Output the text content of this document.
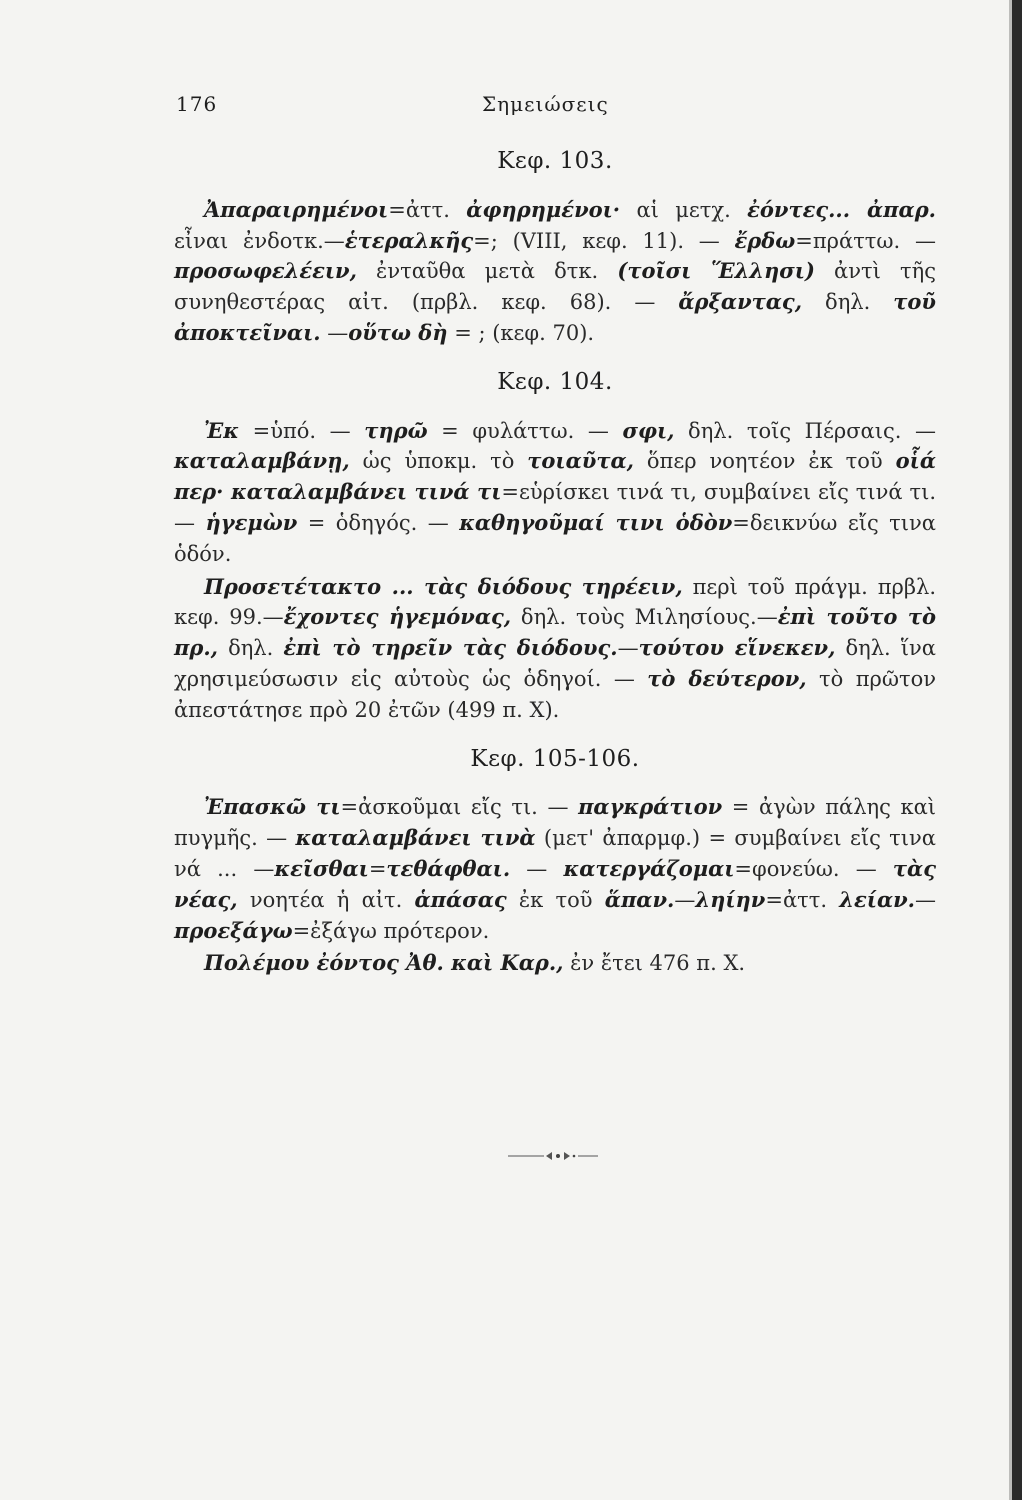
176	Σημειώσεις
Κεφ. 103.

Ἀπαραιρημένοι=ἀττ. ἀφηρημένοι· αἱ μετχ. ἐόντες... ἀπαρ. εἶναι ἐνδοτκ.—ἑτεραλκῆς=; (VIII, κεφ. 11). — ἔρδω=πράττω. —προσωφελέειν, ἐνταῦθα μετὰ δτκ. (τοῖσι Ἕλλησι) ἀντὶ τῆς συνηθεστέρας αἰτ. (πρβλ. κεφ. 68). — ἄρξαντας, δηλ. τοῦ ἀποκτεῖναι. —οὕτω δὴ = ; (κεφ. 70).

Κεφ. 104.

Ἐκ =ὑπό. — τηρῶ = φυλάττω. — σφι, δηλ. τοῖς Πέρσαις. — καταλαμβάνῃ, ὡς ὑποκμ. τὸ τοιαῦτα, ὅπερ νοητέον ἐκ τοῦ οἷά περ· καταλαμβάνει τινά τι=εὑρίσκει τινά τι, συμβαίνει εἴς τινά τι. — ἡγεμὼν = ὁδηγός. — καθηγοῦμαί τινι ὁδὸν=δεικνύω εἴς τινα ὁδόν.

Προσετέτακτο ... τὰς διόδους τηρέειν, περὶ τοῦ πράγμ. πρβλ. κεφ. 99.—ἔχοντες ἡγεμόνας, δηλ. τοὺς Μιλησίους.—ἐπὶ τοῦτο τὸ πρ., δηλ. ἐπὶ τὸ τηρεῖν τὰς διόδους.—τούτου εἵνεκεν, δηλ. ἵνα χρησιμεύσωσιν εἰς αὐτοὺς ὡς ὁδηγοί. — τὸ δεύτερον, τὸ πρῶτον ἀπεστάτησε πρὸ 20 ἐτῶν (499 π. Χ).

Κεφ. 105-106.

Ἐπασκῶ τι=ἀσκοῦμαι εἴς τι. — παγκράτιον = ἀγὼν πάλης καὶ πυγμῆς. — καταλαμβάνει τινὰ (μετ' ἀπαρμφ.) = συμβαίνει εἴς τινα νά ... —κεῖσθαι=τεθάφθαι. — κατεργάζομαι=φονεύω. — τὰς νέας, νοητέα ἡ αἰτ. ἁπάσας ἐκ τοῦ ἅπαν.—ληίην=ἀττ. λείαν.—προεξάγω=ἐξάγω πρότερον.

Πολέμου ἐόντος Ἀθ. καὶ Καρ., ἐν ἔτει 476 π. Χ.
